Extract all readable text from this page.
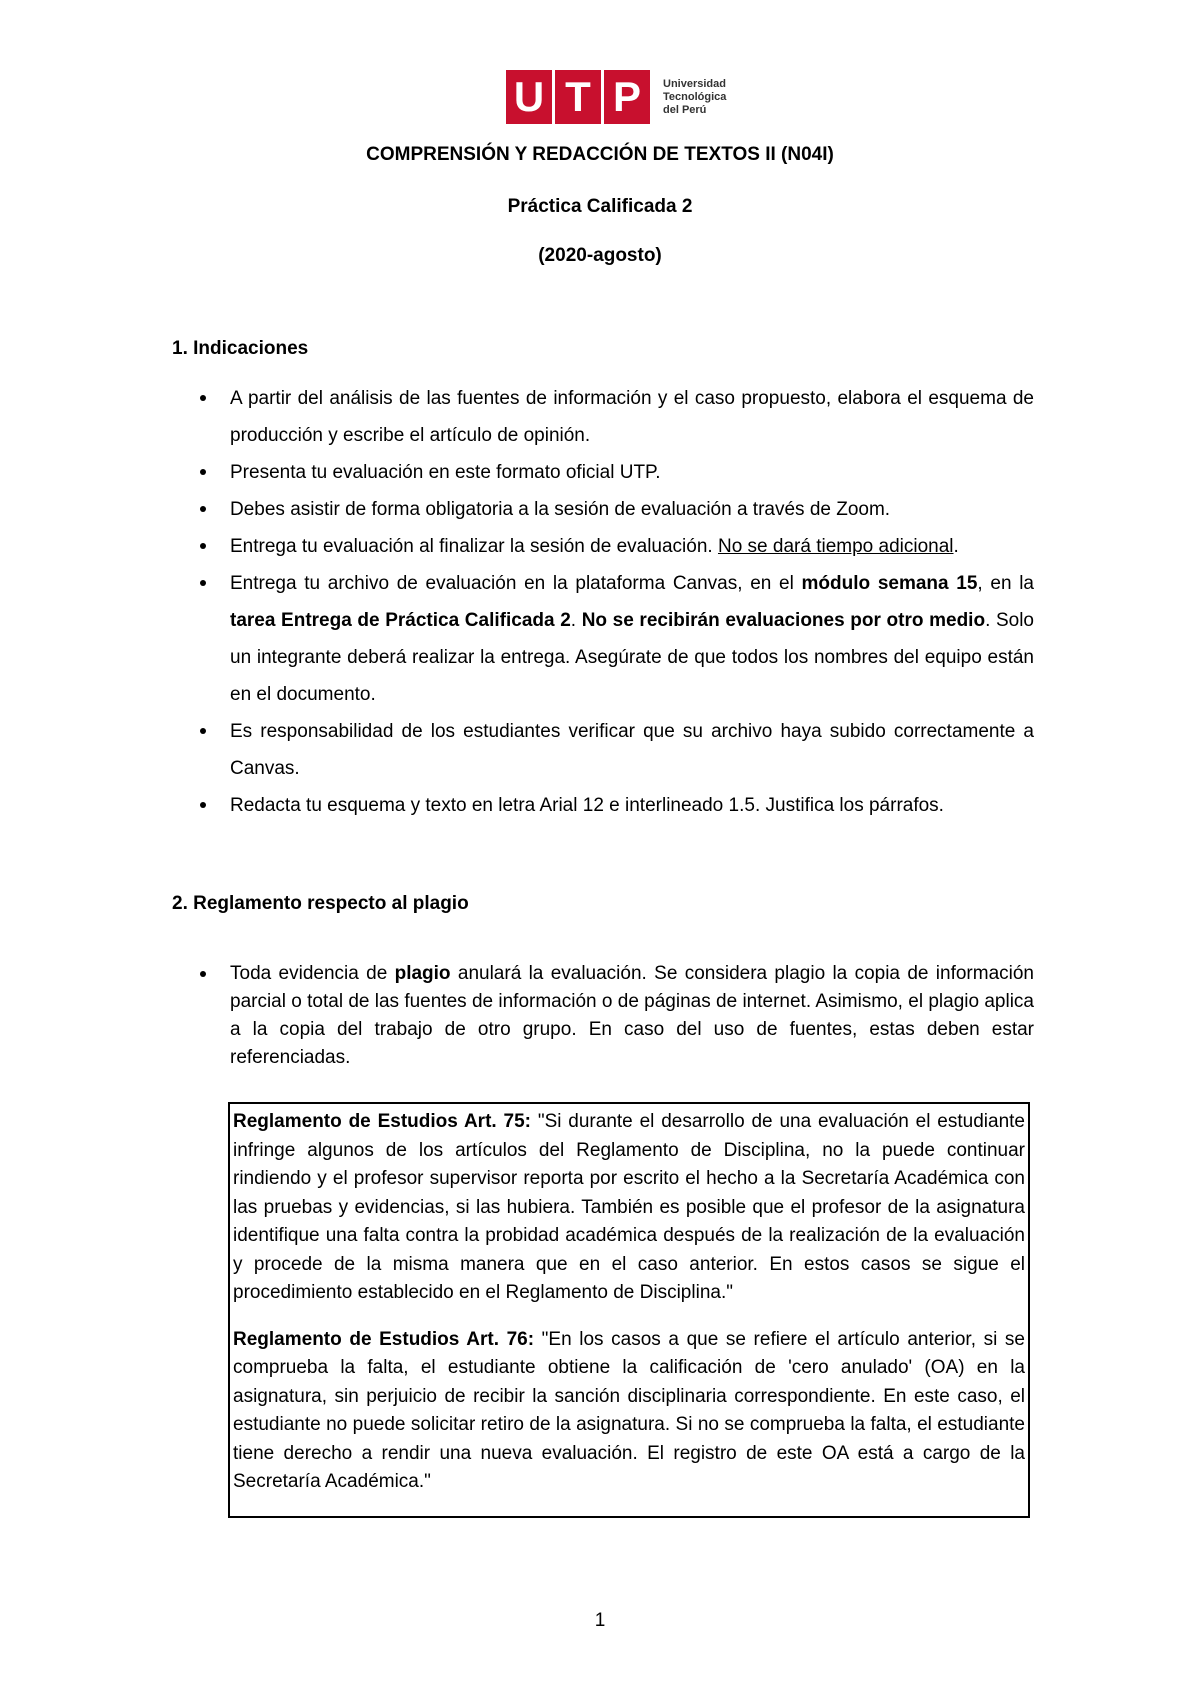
U T P	Universidad
Tecnológica
del Perú
COMPRENSIÓN Y REDACCIÓN DE TEXTOS II (N04I)
Práctica Calificada 2
(2020-agosto)
1. Indicaciones
A partir del análisis de las fuentes de información y el caso propuesto, elabora el esquema de producción y escribe el artículo de opinión.
Presenta tu evaluación en este formato oficial UTP.
Debes asistir de forma obligatoria a la sesión de evaluación a través de Zoom.
Entrega tu evaluación al finalizar la sesión de evaluación. No se dará tiempo adicional.
Entrega tu archivo de evaluación en la plataforma Canvas, en el módulo semana 15, en la tarea Entrega de Práctica Calificada 2. No se recibirán evaluaciones por otro medio. Solo un integrante deberá realizar la entrega. Asegúrate de que todos los nombres del equipo están en el documento.
Es responsabilidad de los estudiantes verificar que su archivo haya subido correctamente a Canvas.
Redacta tu esquema y texto en letra Arial 12 e interlineado 1.5. Justifica los párrafos.
2. Reglamento respecto al plagio
Toda evidencia de plagio anulará la evaluación. Se considera plagio la copia de información parcial o total de las fuentes de información o de páginas de internet. Asimismo, el plagio aplica a la copia del trabajo de otro grupo. En caso del uso de fuentes, estas deben estar referenciadas.

Reglamento de Estudios Art. 75: "Si durante el desarrollo de una evaluación el estudiante infringe algunos de los artículos del Reglamento de Disciplina, no la puede continuar rindiendo y el profesor supervisor reporta por escrito el hecho a la Secretaría Académica con las pruebas y evidencias, si las hubiera. También es posible que el profesor de la asignatura identifique una falta contra la probidad académica después de la realización de la evaluación y procede de la misma manera que en el caso anterior. En estos casos se sigue el procedimiento establecido en el Reglamento de Disciplina."

Reglamento de Estudios Art. 76: "En los casos a que se refiere el artículo anterior, si se comprueba la falta, el estudiante obtiene la calificación de 'cero anulado' (OA) en la asignatura, sin perjuicio de recibir la sanción disciplinaria correspondiente. En este caso, el estudiante no puede solicitar retiro de la asignatura. Si no se comprueba la falta, el estudiante tiene derecho a rendir una nueva evaluación. El registro de este OA está a cargo de la Secretaría Académica."

1
